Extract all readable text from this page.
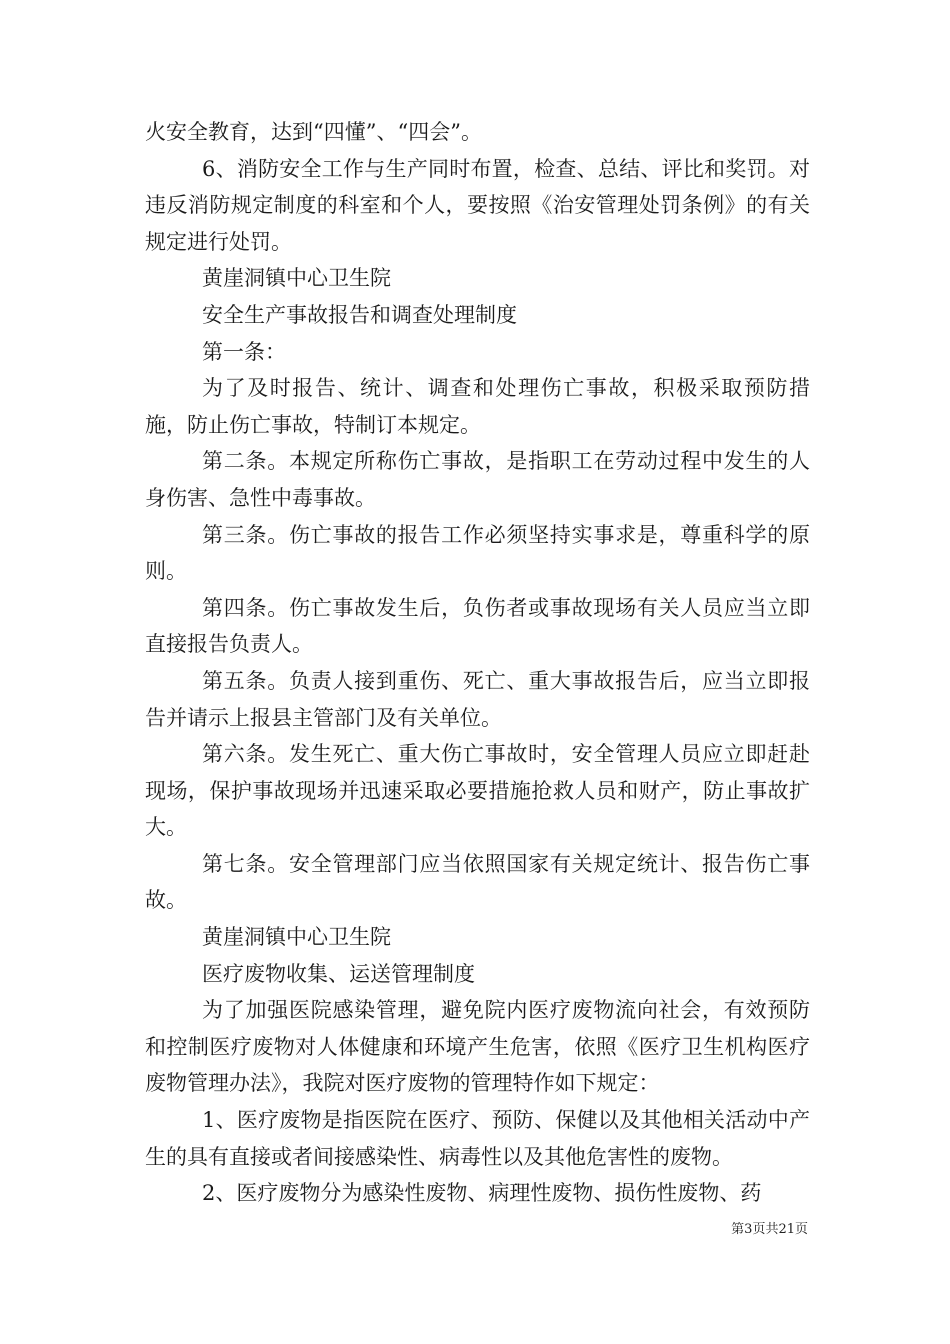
火安全教育，达到“四懂”、“四会”。

6、消防安全工作与生产同时布置，检查、总结、评比和奖罚。对违反消防规定制度的科室和个人，要按照《治安管理处罚条例》的有关规定进行处罚。

黄崖洞镇中心卫生院

安全生产事故报告和调查处理制度

第一条：

为了及时报告、统计、调查和处理伤亡事故，积极采取预防措施，防止伤亡事故，特制订本规定。

第二条。本规定所称伤亡事故，是指职工在劳动过程中发生的人身伤害、急性中毒事故。

第三条。伤亡事故的报告工作必须坚持实事求是，尊重科学的原则。

第四条。伤亡事故发生后，负伤者或事故现场有关人员应当立即直接报告负责人。

第五条。负责人接到重伤、死亡、重大事故报告后，应当立即报告并请示上报县主管部门及有关单位。

第六条。发生死亡、重大伤亡事故时，安全管理人员应立即赶赴现场，保护事故现场并迅速采取必要措施抢救人员和财产，防止事故扩大。

第七条。安全管理部门应当依照国家有关规定统计、报告伤亡事故。

黄崖洞镇中心卫生院

医疗废物收集、运送管理制度

为了加强医院感染管理，避免院内医疗废物流向社会，有效预防和控制医疗废物对人体健康和环境产生危害，依照《医疗卫生机构医疗废物管理办法》，我院对医疗废物的管理特作如下规定：

1、医疗废物是指医院在医疗、预防、保健以及其他相关活动中产生的具有直接或者间接感染性、病毒性以及其他危害性的废物。

2、医疗废物分为感染性废物、病理性废物、损伤性废物、药

第3页共21页
